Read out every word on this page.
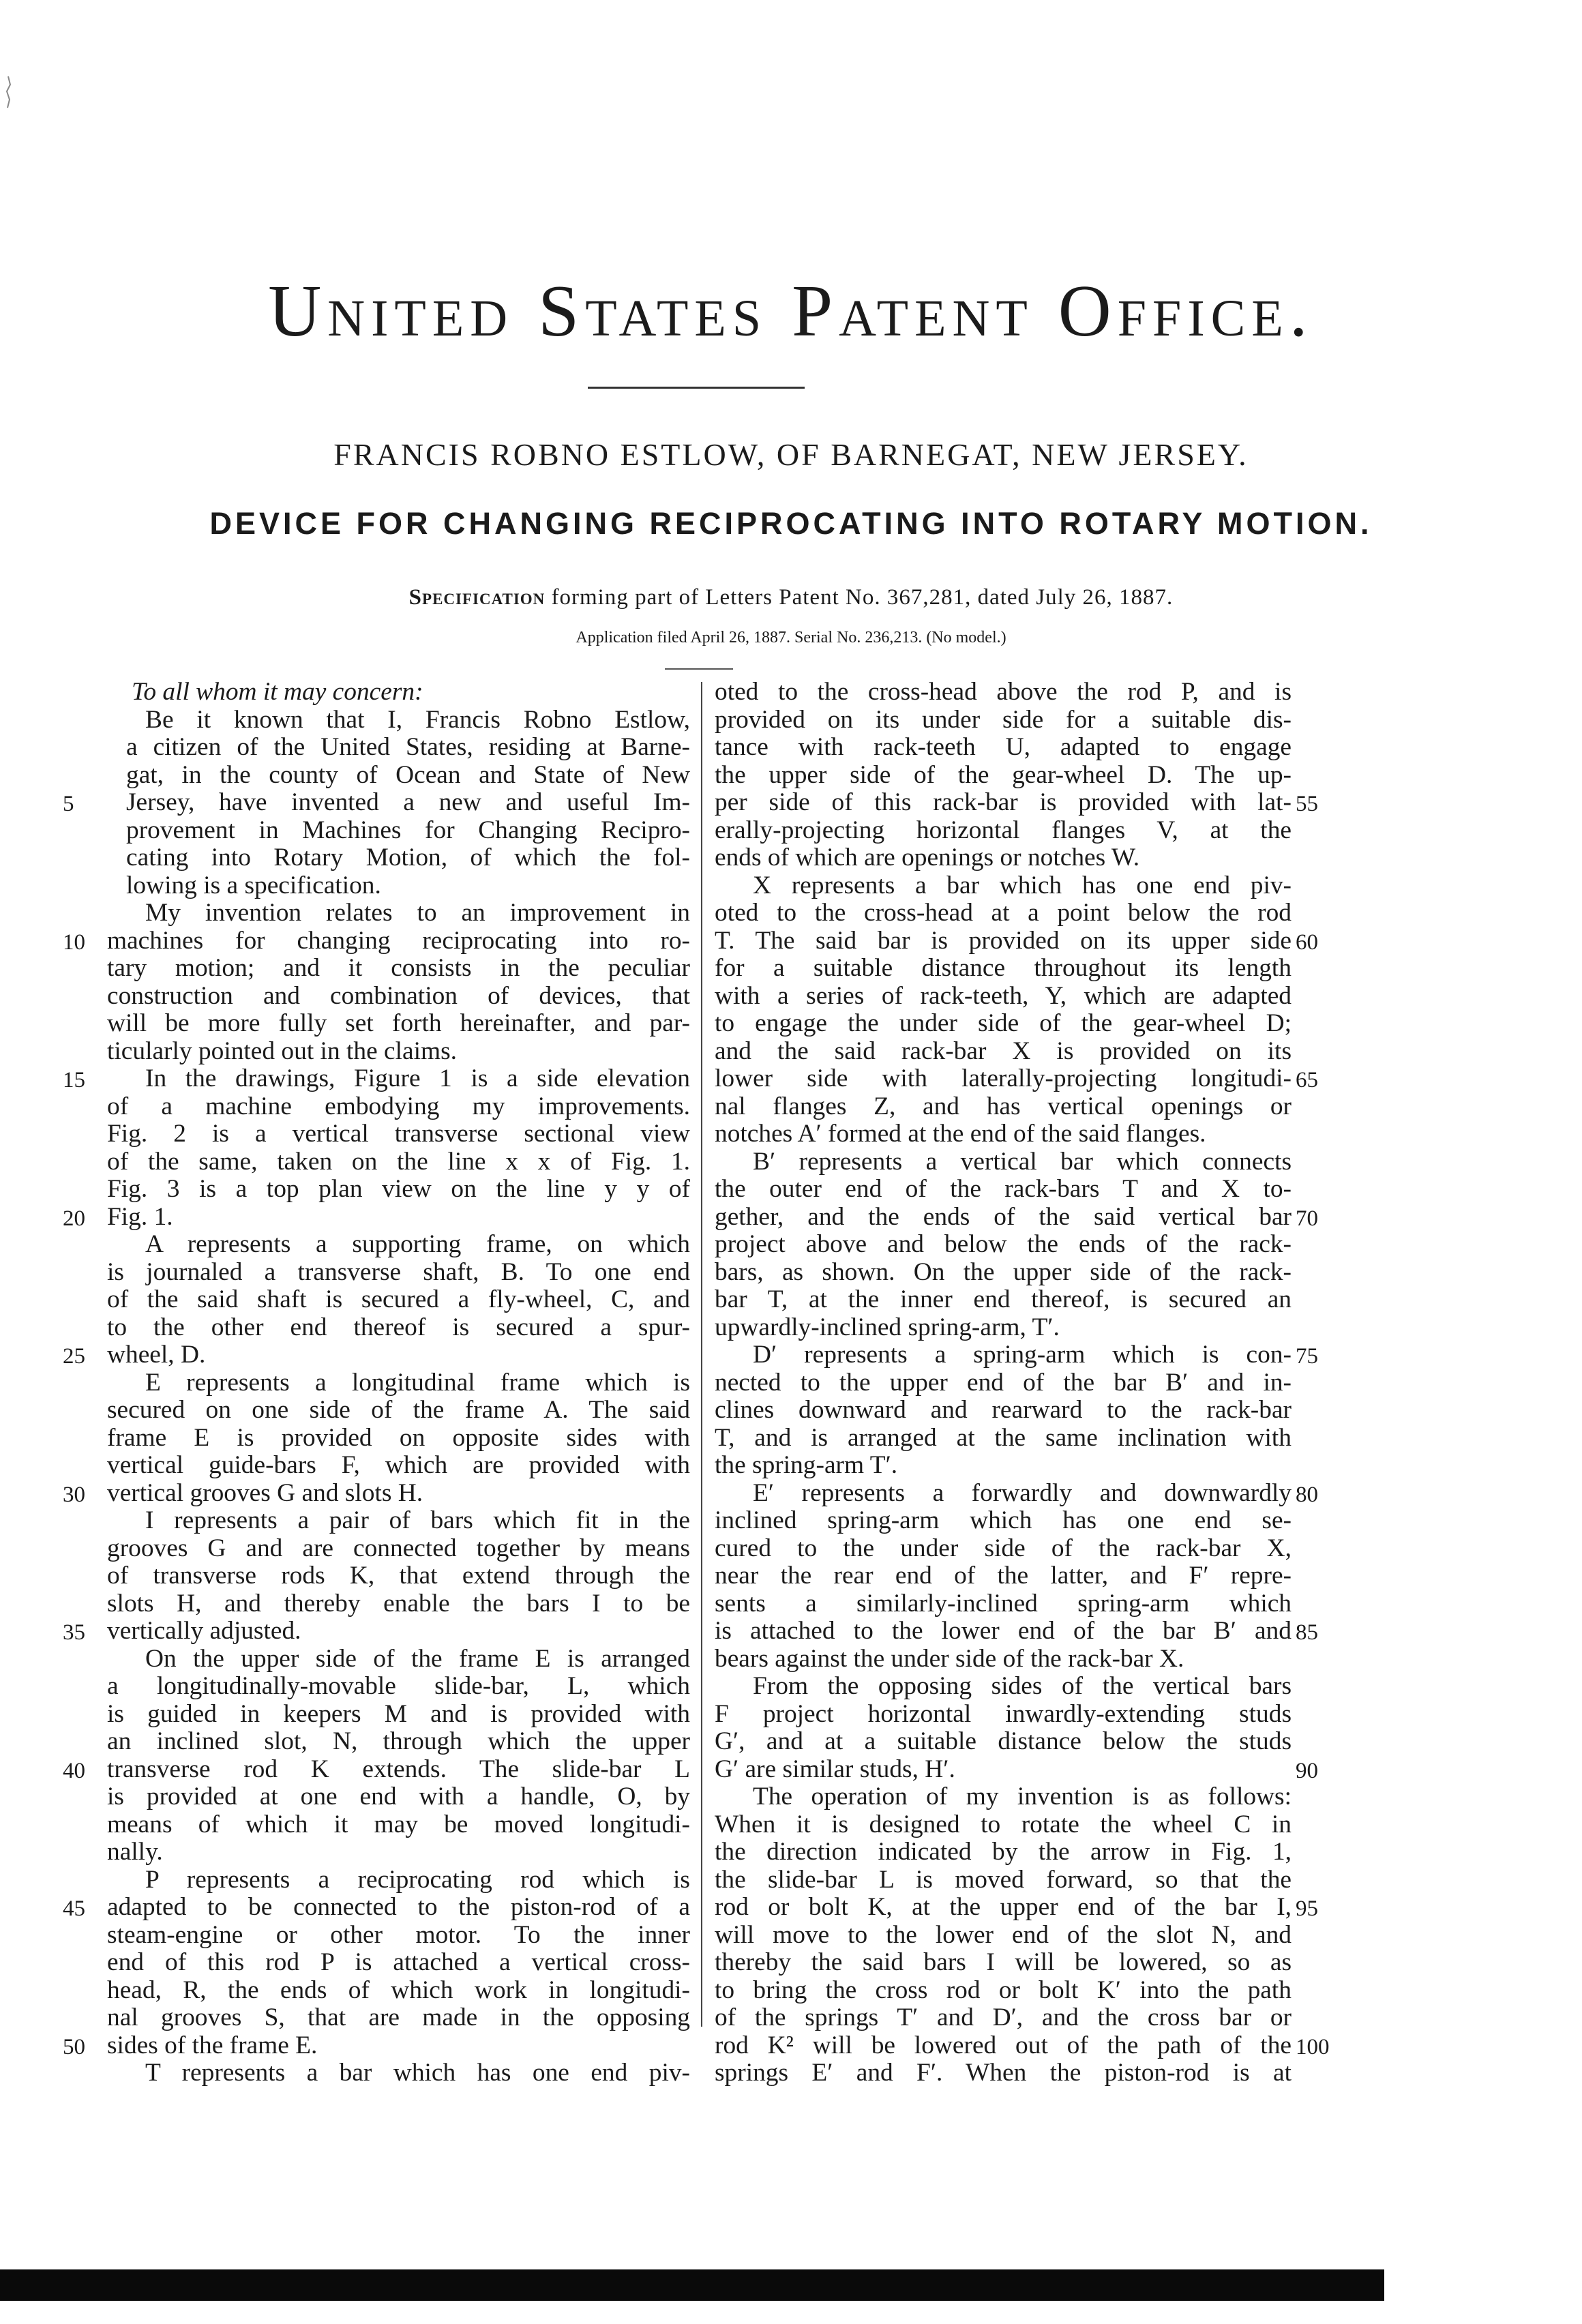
United States Patent Office.
FRANCIS ROBNO ESTLOW, OF BARNEGAT, NEW JERSEY.
DEVICE FOR CHANGING RECIPROCATING INTO ROTARY MOTION.
Specification forming part of Letters Patent No. 367,281, dated July 26, 1887.
Application filed April 26, 1887. Serial No. 236,213. (No model.)
To all whom it may concern:
Be it known that I, Francis Robno Estlow,
a citizen of the United States, residing at Barne-
gat, in the county of Ocean and State of New
Jersey, have invented a new and useful Im-
provement in Machines for Changing Recipro-
cating into Rotary Motion, of which the fol-
lowing is a specification.
My invention relates to an improvement in
machines for changing reciprocating into ro-
tary motion; and it consists in the peculiar
construction and combination of devices, that
will be more fully set forth hereinafter, and par-
ticularly pointed out in the claims.
In the drawings, Figure 1 is a side elevation
of a machine embodying my improvements.
Fig. 2 is a vertical transverse sectional view
of the same, taken on the line x x of Fig. 1.
Fig. 3 is a top plan view on the line y y of
Fig. 1.
A represents a supporting frame, on which
is journaled a transverse shaft, B. To one end
of the said shaft is secured a fly-wheel, C, and
to the other end thereof is secured a spur-
wheel, D.
E represents a longitudinal frame which is
secured on one side of the frame A. The said
frame E is provided on opposite sides with
vertical guide-bars F, which are provided with
vertical grooves G and slots H.
I represents a pair of bars which fit in the
grooves G and are connected together by means
of transverse rods K, that extend through the
slots H, and thereby enable the bars I to be
vertically adjusted.
On the upper side of the frame E is arranged
a longitudinally-movable slide-bar, L, which
is guided in keepers M and is provided with
an inclined slot, N, through which the upper
transverse rod K extends. The slide-bar L
is provided at one end with a handle, O, by
means of which it may be moved longitudi-
nally.
P represents a reciprocating rod which is
adapted to be connected to the piston-rod of a
steam-engine or other motor. To the inner
end of this rod P is attached a vertical cross-
head, R, the ends of which work in longitudi-
nal grooves S, that are made in the opposing
sides of the frame E.
T represents a bar which has one end piv-
oted to the cross-head above the rod P, and is
provided on its under side for a suitable dis-
tance with rack-teeth U, adapted to engage
the upper side of the gear-wheel D. The up-
per side of this rack-bar is provided with lat-
erally-projecting horizontal flanges V, at the
ends of which are openings or notches W.
X represents a bar which has one end piv-
oted to the cross-head at a point below the rod
T. The said bar is provided on its upper side
for a suitable distance throughout its length
with a series of rack-teeth, Y, which are adapted
to engage the under side of the gear-wheel D;
and the said rack-bar X is provided on its
lower side with laterally-projecting longitudi-
nal flanges Z, and has vertical openings or
notches A′ formed at the end of the said flanges.
B′ represents a vertical bar which connects
the outer end of the rack-bars T and X to-
gether, and the ends of the said vertical bar
project above and below the ends of the rack-
bars, as shown. On the upper side of the rack-
bar T, at the inner end thereof, is secured an
upwardly-inclined spring-arm, T′.
D′ represents a spring-arm which is con-
nected to the upper end of the bar B′ and in-
clines downward and rearward to the rack-bar
T, and is arranged at the same inclination with
the spring-arm T′.
E′ represents a forwardly and downwardly
inclined spring-arm which has one end se-
cured to the under side of the rack-bar X,
near the rear end of the latter, and F′ repre-
sents a similarly-inclined spring-arm which
is attached to the lower end of the bar B′ and
bears against the under side of the rack-bar X.
From the opposing sides of the vertical bars
F project horizontal inwardly-extending studs
G′, and at a suitable distance below the studs
G′ are similar studs, H′.
The operation of my invention is as follows:
When it is designed to rotate the wheel C in
the direction indicated by the arrow in Fig. 1,
the slide-bar L is moved forward, so that the
rod or bolt K, at the upper end of the bar I,
will move to the lower end of the slot N, and
thereby the said bars I will be lowered, so as
to bring the cross rod or bolt K′ into the path
of the springs T′ and D′, and the cross bar or
rod K² will be lowered out of the path of the
springs E′ and F′. When the piston-rod is at
5
10
15
20
25
30
35
40
45
50
55
60
65
70
75
80
85
90
95
100
